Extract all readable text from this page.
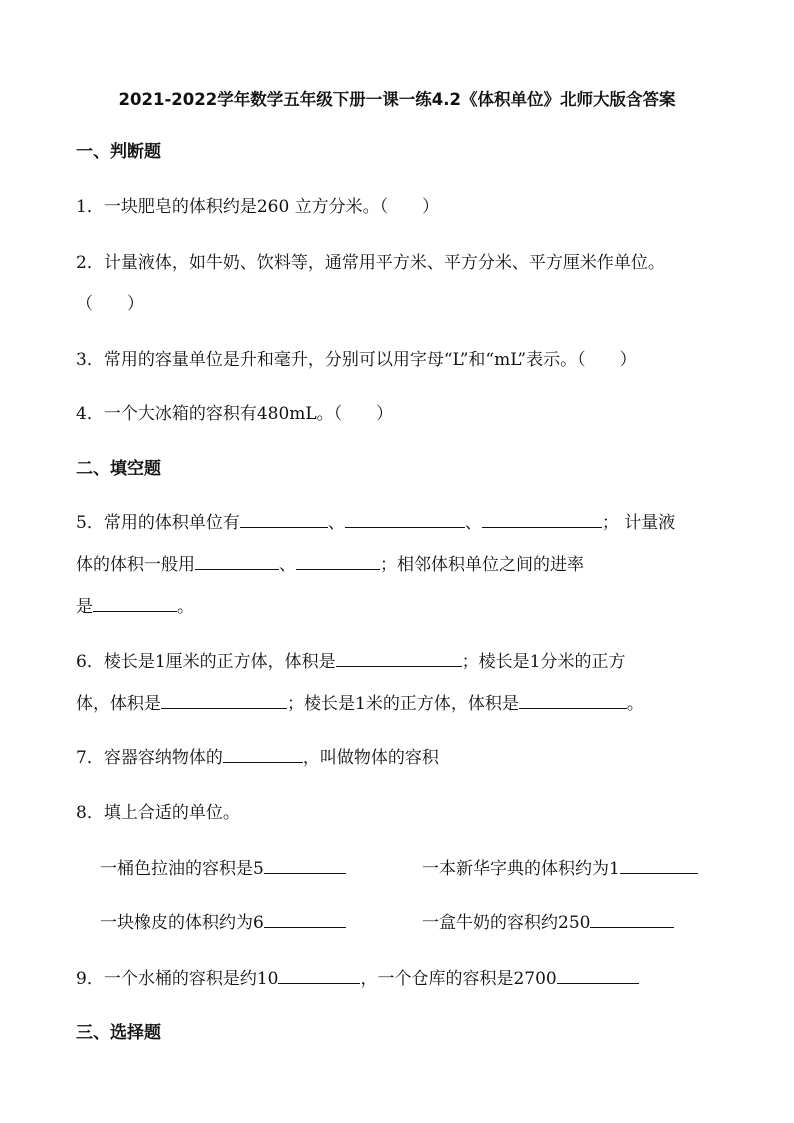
2021-2022学年数学五年级下册一课一练4.2《体积单位》北师大版含答案
一、判断题
1．一块肥皂的体积约是260 立方分米。（　　）
2．计量液体，如牛奶、饮料等，通常用平方米、平方分米、平方厘米作单位。
（　　）
3．常用的容量单位是升和毫升，分别可以用字母“L”和“mL”表示。（　　）
4．一个大冰箱的容积有480mL。（　　）
二、填空题
5．常用的体积单位有	、	、	； 计量液
体的体积一般用	、	；相邻体积单位之间的进率
是	。
6．棱长是1厘米的正方体，体积是	；棱长是1分米的正方
体，体积是	；棱长是1米的正方体，体积是	。
7．容器容纳物体的	，叫做物体的容积
8．填上合适的单位。
一桶色拉油的容积是5	一本新华字典的体积约为1
一块橡皮的体积约为6	一盒牛奶的容积约250
9．一个水桶的容积是约10	，一个仓库的容积是2700
三、选择题
